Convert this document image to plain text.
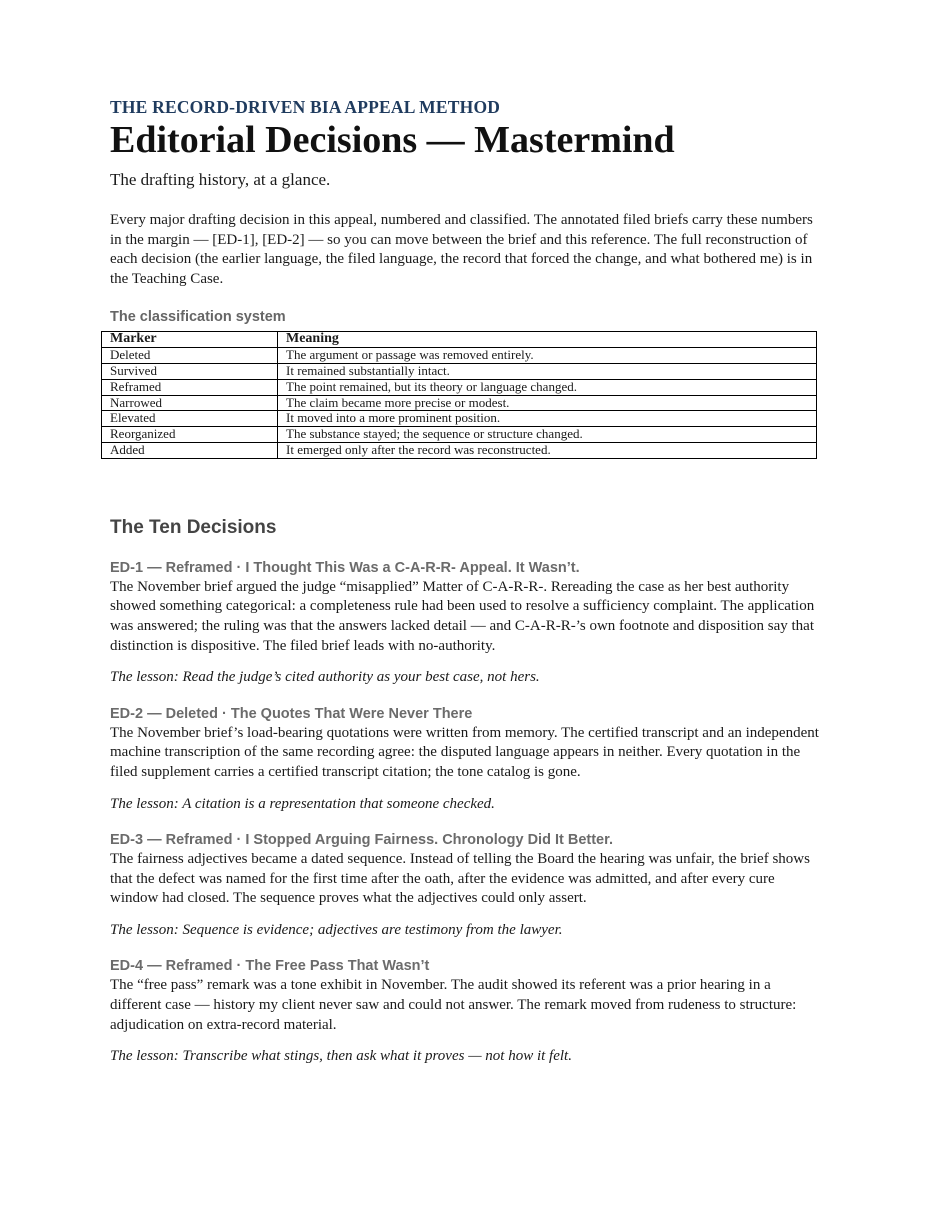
THE RECORD-DRIVEN BIA APPEAL METHOD

Editorial Decisions — Mastermind

The drafting history, at a glance.

Every major drafting decision in this appeal, numbered and classified. The annotated filed briefs carry these numbers in the margin — [ED-1], [ED-2] — so you can move between the brief and this reference. The full reconstruction of each decision (the earlier language, the filed language, the record that forced the change, and what bothered me) is in the Teaching Case.

The classification system

Marker	Meaning
Deleted	The argument or passage was removed entirely.
Survived	It remained substantially intact.
Reframed	The point remained, but its theory or language changed.
Narrowed	The claim became more precise or modest.
Elevated	It moved into a more prominent position.
Reorganized	The substance stayed; the sequence or structure changed.
Added	It emerged only after the record was reconstructed.
The Ten Decisions

ED-1 — Reframed · I Thought This Was a C-A-R-R- Appeal. It Wasn’t.

The November brief argued the judge “misapplied” Matter of C-A-R-R-. Rereading the case as her best authority showed something categorical: a completeness rule had been used to resolve a sufficiency complaint. The application was answered; the ruling was that the answers lacked detail — and C-A-R-R-’s own footnote and disposition say that distinction is dispositive. The filed brief leads with no-authority.

The lesson: Read the judge’s cited authority as your best case, not hers.

ED-2 — Deleted · The Quotes That Were Never There

The November brief’s load-bearing quotations were written from memory. The certified transcript and an independent machine transcription of the same recording agree: the disputed language appears in neither. Every quotation in the filed supplement carries a certified transcript citation; the tone catalog is gone.

The lesson: A citation is a representation that someone checked.

ED-3 — Reframed · I Stopped Arguing Fairness. Chronology Did It Better.

The fairness adjectives became a dated sequence. Instead of telling the Board the hearing was unfair, the brief shows that the defect was named for the first time after the oath, after the evidence was admitted, and after every cure window had closed. The sequence proves what the adjectives could only assert.

The lesson: Sequence is evidence; adjectives are testimony from the lawyer.

ED-4 — Reframed · The Free Pass That Wasn’t

The “free pass” remark was a tone exhibit in November. The audit showed its referent was a prior hearing in a different case — history my client never saw and could not answer. The remark moved from rudeness to structure: adjudication on extra-record material.

The lesson: Transcribe what stings, then ask what it proves — not how it felt.
